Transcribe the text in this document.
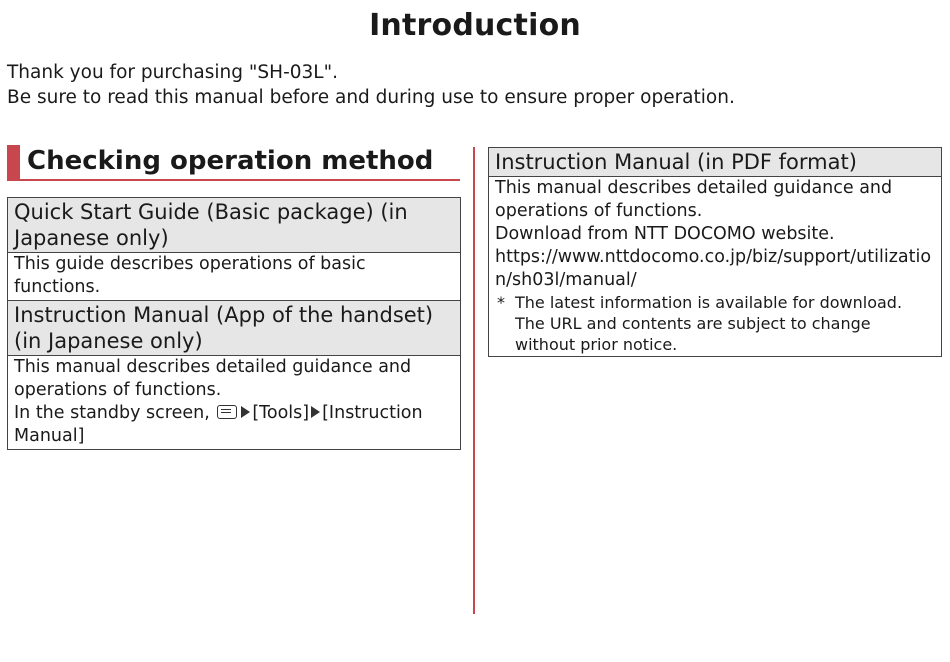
Introduction

Thank you for purchasing "SH-03L".

Be sure to read this manual before and during use to ensure proper operation.

Checking operation method
Quick Start Guide (Basic package) (in Japanese only)

This guide describes operations of basic functions.

Instruction Manual (App of the handset) (in Japanese only)

This manual describes detailed guidance and operations of functions.

In the standby screen, [Tools] [Instruction Manual]

Instruction Manual (in PDF format)

This manual describes detailed guidance and operations of functions.

Download from NTT DOCOMO website.

https://www.nttdocomo.co.jp/biz/support/utilization/sh03l/manual/

* The latest information is available for download. The URL and contents are subject to change without prior notice.
